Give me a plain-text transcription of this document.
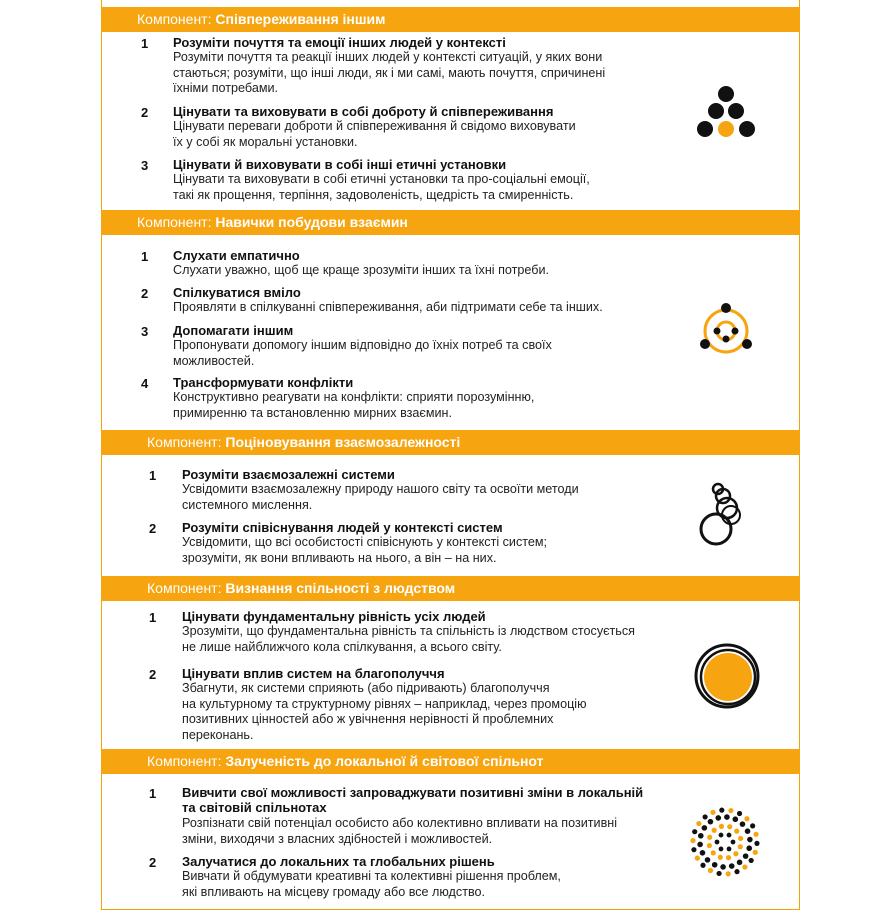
Компонент: Співпереживання іншим
1 Розуміти почуття та емоції інших людей у контексті
Розуміти почуття та реакції інших людей у контексті ситуацій, у яких вони
стаються; розуміти, що інші люди, як і ми самі, мають почуття, спричинені
їхніми потребами.
2 Цінувати та виховувати в собі доброту й співпереживання
Цінувати переваги доброти й співпереживання й свідомо виховувати
їх у собі як моральні установки.
3 Цінувати й виховувати в собі інші етичні установки
Цінувати та виховувати в собі етичні установки та про-соціальні емоції,
такі як прощення, терпіння, задоволеність, щедрість та смиренність.
Компонент: Навички побудови взаємин
1 Слухати емпатично
Слухати уважно, щоб ще краще зрозуміти інших та їхні потреби.
2 Спілкуватися вміло
Проявляти в спілкуванні співпереживання, аби підтримати себе та інших.
3 Допомагати іншим
Пропонувати допомогу іншим відповідно до їхніх потреб та своїх
можливостей.
4 Трансформувати конфлікти
Конструктивно реагувати на конфлікти: сприяти порозумінню,
примиренню та встановленню мирних взаємин.
Компонент: Поціновування взаємозалежності
1 Розуміти взаємозалежні системи
Усвідомити взаємозалежну природу нашого світу та освоїти методи
системного мислення.
2 Розуміти співіснування людей у контексті систем
Усвідомити, що всі особистості співіснують у контексті систем;
зрозуміти, як вони впливають на нього, а він – на них.
Компонент: Визнання спільності з людством
1 Цінувати фундаментальну рівність усіх людей
Зрозуміти, що фундаментальна рівність та спільність із людством стосується
не лише найближчого кола спілкування, а всього світу.
2 Цінувати вплив систем на благополуччя
Збагнути, як системи сприяють (або підривають) благополуччя
на культурному та структурному рівнях – наприклад, через промоцію
позитивних цінностей або ж увічнення нерівності й проблемних
переконань.
Компонент: Залученість до локальної й світової спільнот
1 Вивчити свої можливості запроваджувати позитивні зміни в локальній
та світовій спільнотах
Розпізнати свій потенціал особисто або колективно впливати на позитивні
зміни, виходячи з власних здібностей і можливостей.
2 Залучатися до локальних та глобальних рішень
Вивчати й обдумувати креативні та колективні рішення проблем,
які впливають на місцеву громаду або все людство.
